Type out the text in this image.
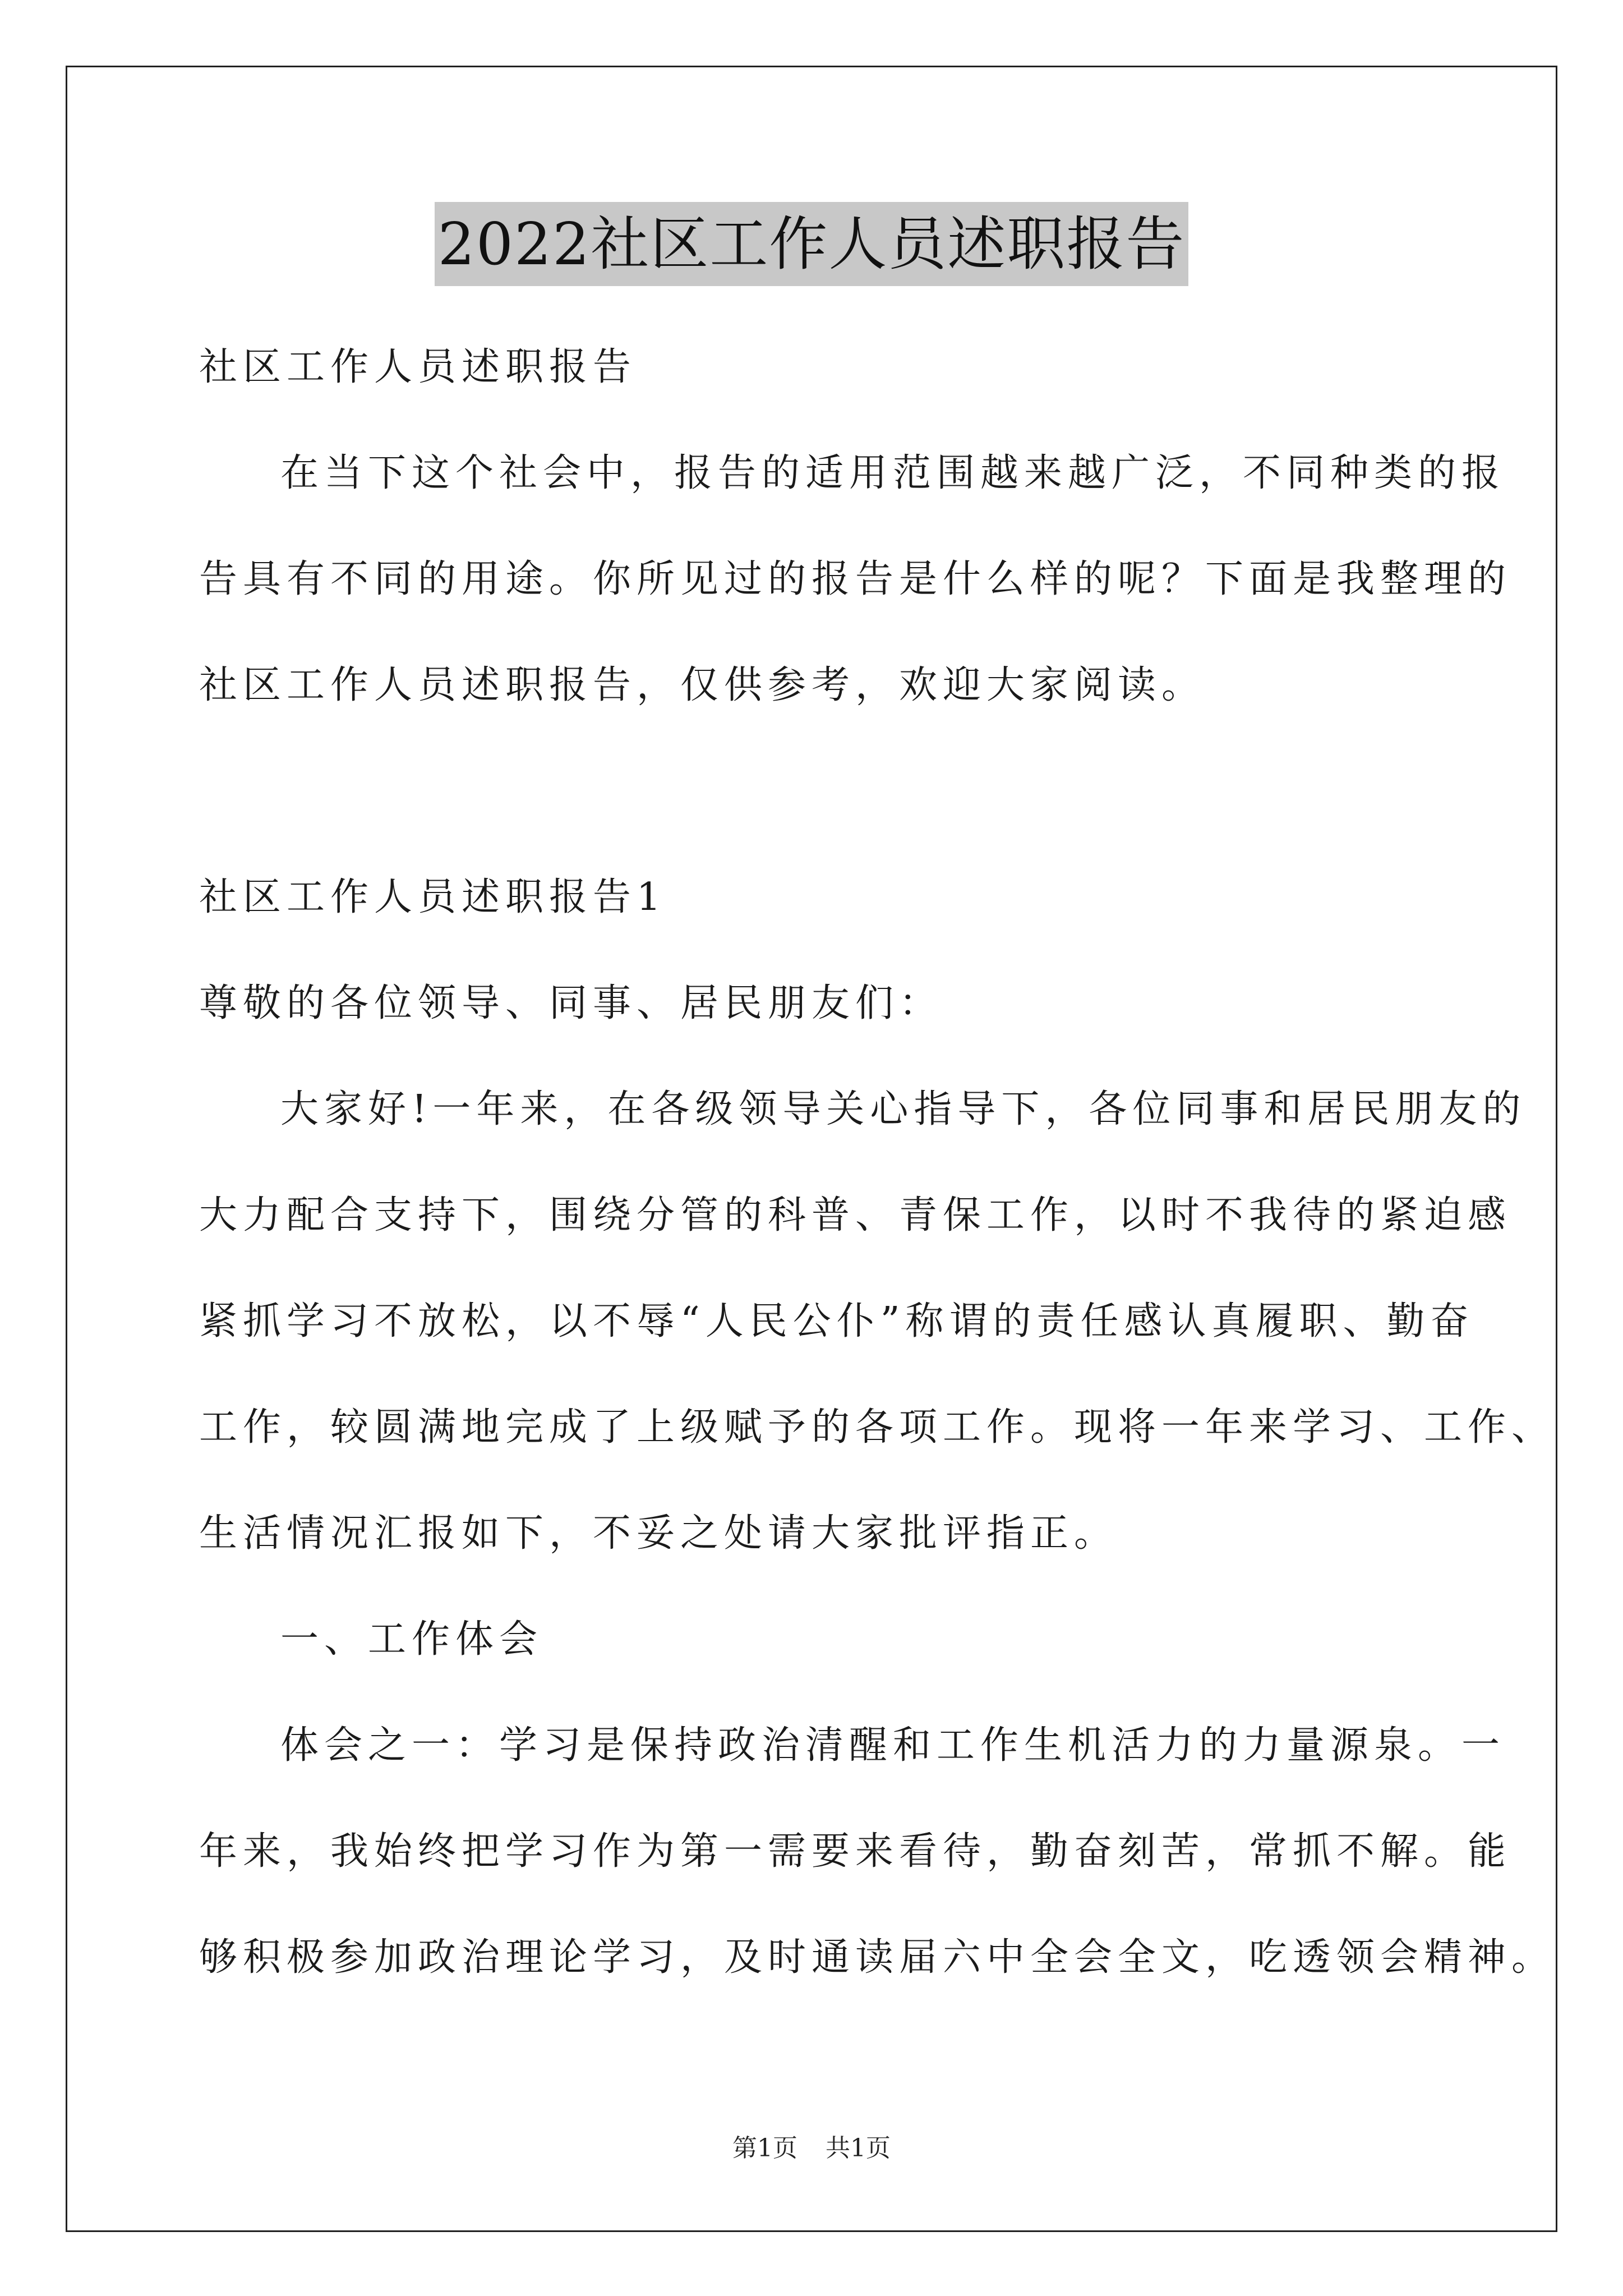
2022社区工作人员述职报告
社区工作人员述职报告
在当下这个社会中，报告的适用范围越来越广泛，不同种类的报
告具有不同的用途。你所见过的报告是什么样的呢？下面是我整理的
社区工作人员述职报告，仅供参考，欢迎大家阅读。
社区工作人员述职报告1
尊敬的各位领导、同事、居民朋友们：
大家好!一年来，在各级领导关心指导下，各位同事和居民朋友的
大力配合支持下，围绕分管的科普、青保工作，以时不我待的紧迫感
紧抓学习不放松，以不辱“人民公仆”称谓的责任感认真履职、勤奋
工作，较圆满地完成了上级赋予的各项工作。现将一年来学习、工作、
生活情况汇报如下，不妥之处请大家批评指正。
一、工作体会
体会之一：学习是保持政治清醒和工作生机活力的力量源泉。一
年来，我始终把学习作为第一需要来看待，勤奋刻苦，常抓不解。能
够积极参加政治理论学习，及时通读届六中全会全文，吃透领会精神。
第1页 共1页
